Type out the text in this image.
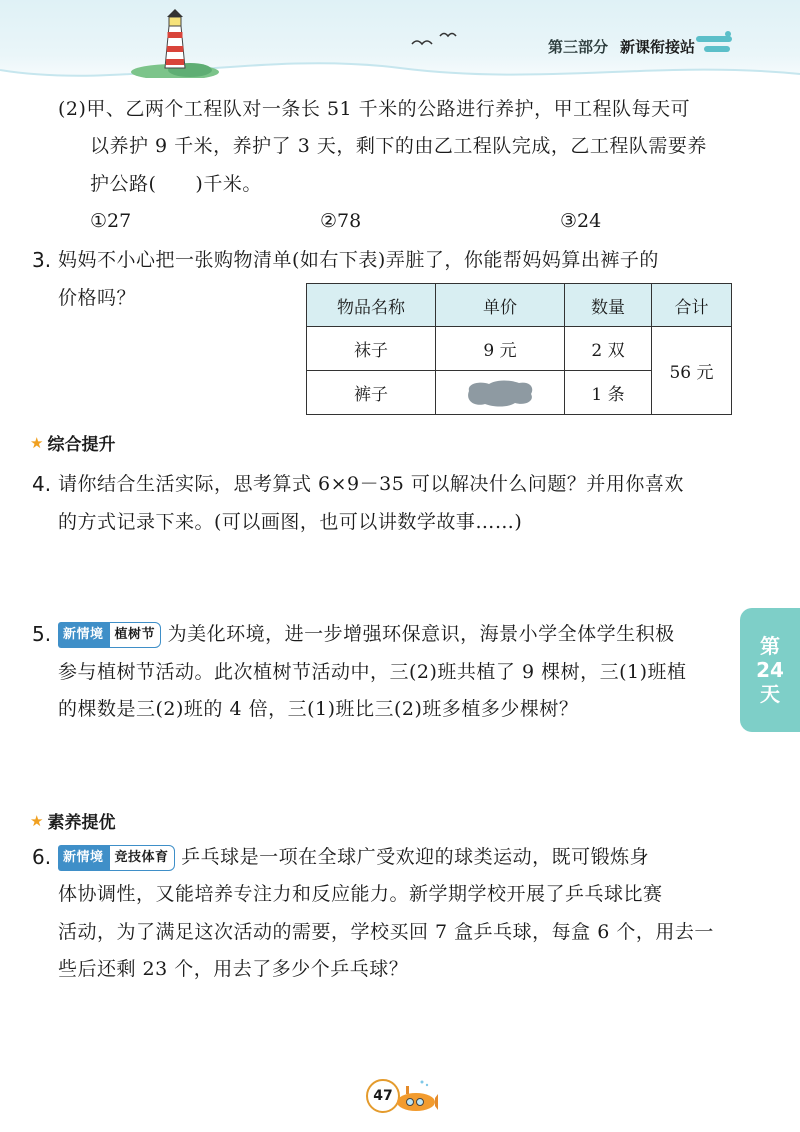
第三部分 新课衔接站
(2)甲、乙两个工程队对一条长 51 千米的公路进行养护，甲工程队每天可
以养护 9 千米，养护了 3 天，剩下的由乙工程队完成，乙工程队需要养
护公路(　　)千米。
①27	②78	③24
3. 妈妈不小心把一张购物清单(如右下表)弄脏了，你能帮妈妈算出裤子的
价格吗？	物品名称	单价	数量	合计
袜子	9 元	2 双	56 元
裤子		1 条	
★ 综合提升
4. 请你结合生活实际，思考算式 6×9－35 可以解决什么问题？并用你喜欢
的方式记录下来。(可以画图，也可以讲数学故事……)
5. 新情境 植树节 为美化环境，进一步增强环保意识，海景小学全体学生积极
参与植树节活动。此次植树节活动中，三(2)班共植了 9 棵树，三(1)班植
的棵数是三(2)班的 4 倍，三(1)班比三(2)班多植多少棵树？
★ 素养提优
6. 新情境 竞技体育 乒乓球是一项在全球广受欢迎的球类运动，既可锻炼身
体协调性，又能培养专注力和反应能力。新学期学校开展了乒乓球比赛
活动，为了满足这次活动的需要，学校买回 7 盒乒乓球，每盒 6 个，用去一
些后还剩 23 个，用去了多少个乒乓球？
第
24
天
47
